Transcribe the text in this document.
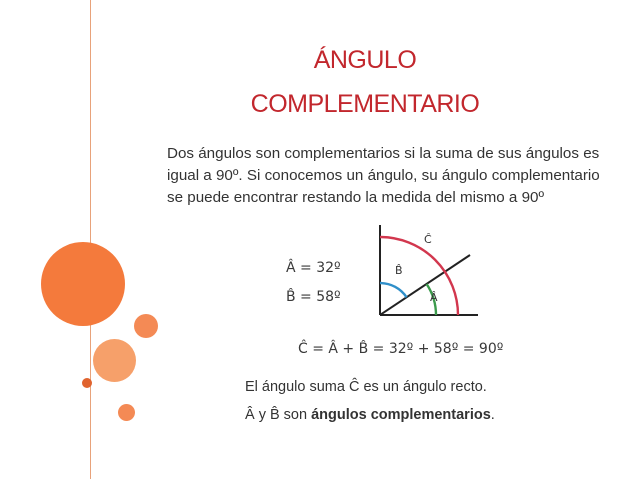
ÁNGULO
COMPLEMENTARIO
Dos ángulos son complementarios si la suma de sus ángulos es
igual a 90º. Si conocemos un ángulo, su ángulo complementario
se puede encontrar restando la medida del mismo a 90º
Â = 32º
B̂ = 58º
Ĉ
B̂
Â
Ĉ = Â + B̂ = 32º + 58º = 90º
El ángulo suma Ĉ es un ángulo recto.
Â y B̂ son ángulos complementarios.
